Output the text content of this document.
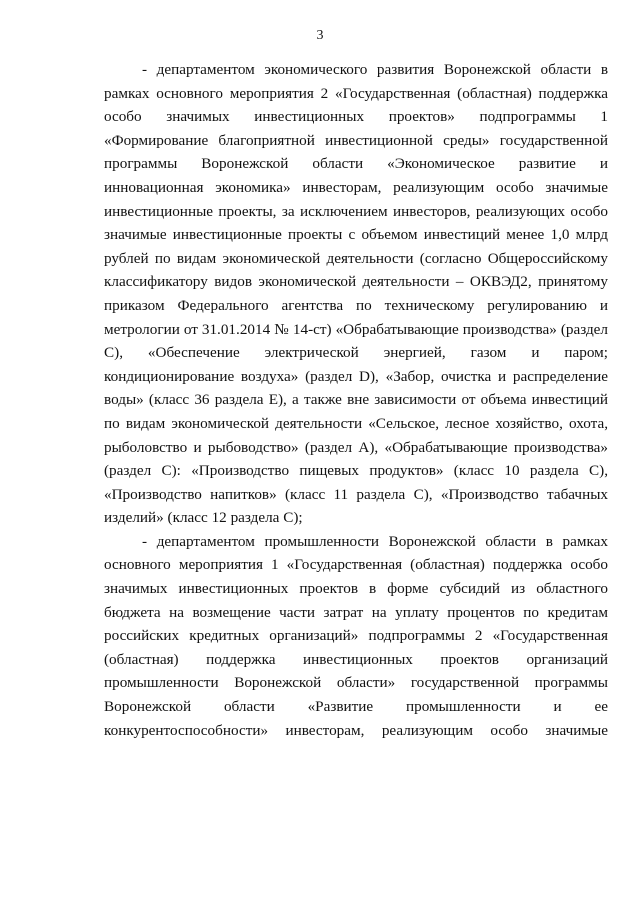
3
- департаментом экономического развития Воронежской области в
рамках основного мероприятия 2 «Государственная (областная) поддержка
особо значимых инвестиционных проектов» подпрограммы 1
«Формирование благоприятной инвестиционной среды» государственной
программы Воронежской области «Экономическое развитие и
инновационная экономика» инвесторам, реализующим особо значимые
инвестиционные проекты, за исключением инвесторов, реализующих особо
значимые инвестиционные проекты с объемом инвестиций менее 1,0 млрд
рублей по видам экономической деятельности (согласно Общероссийскому
классификатору видов экономической деятельности – ОКВЭД2, принятому
приказом Федерального агентства по техническому регулированию и
метрологии от 31.01.2014 № 14-ст) «Обрабатывающие производства» (раздел
С), «Обеспечение электрической энергией, газом и паром;
кондиционирование воздуха» (раздел D), «Забор, очистка и распределение
воды» (класс 36 раздела Е), а также вне зависимости от объема инвестиций
по видам экономической деятельности «Сельское, лесное хозяйство, охота,
рыболовство и рыбоводство» (раздел А), «Обрабатывающие производства»
(раздел С): «Производство пищевых продуктов» (класс 10 раздела С),
«Производство напитков» (класс 11 раздела С), «Производство табачных
изделий» (класс 12 раздела С);
- департаментом промышленности Воронежской области в рамках
основного мероприятия 1 «Государственная (областная) поддержка особо
значимых инвестиционных проектов в форме субсидий из областного
бюджета на возмещение части затрат на уплату процентов по кредитам
российских кредитных организаций» подпрограммы 2 «Государственная
(областная) поддержка инвестиционных проектов организаций
промышленности Воронежской области» государственной программы
Воронежской области «Развитие промышленности и ее
конкурентоспособности» инвесторам, реализующим особо значимые
